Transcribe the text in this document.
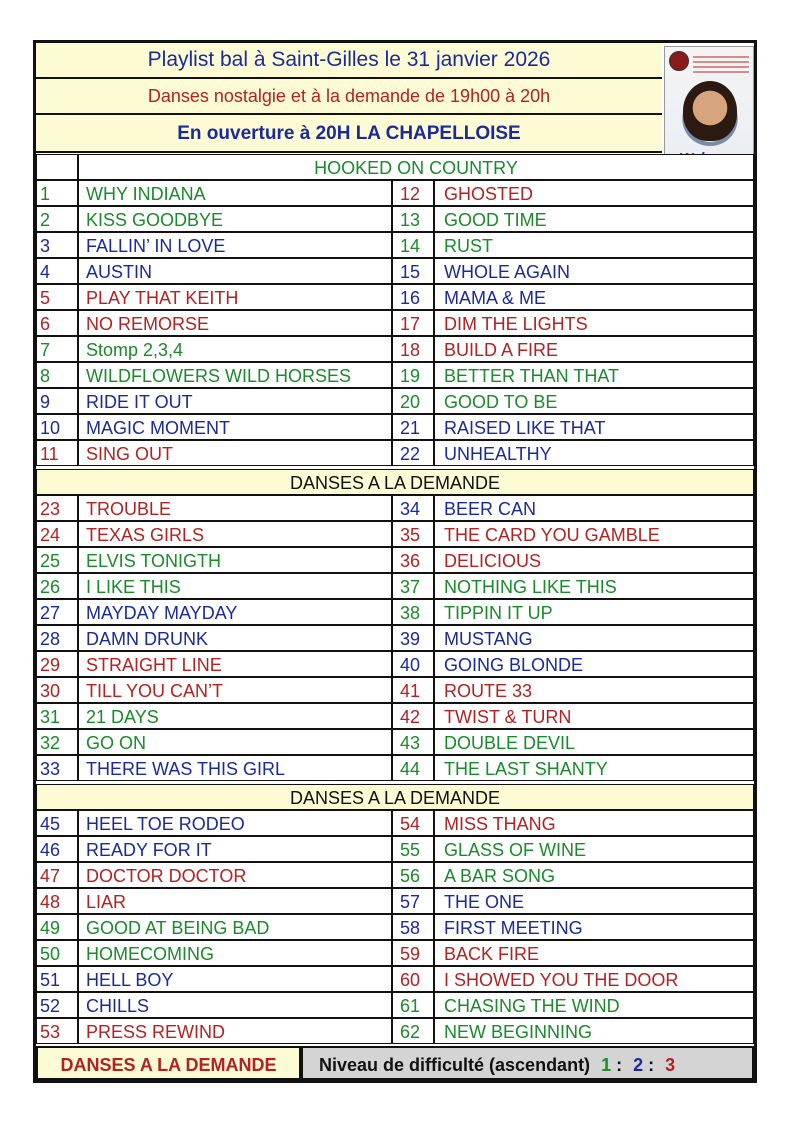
Playlist bal à Saint-Gilles le 31 janvier 2026
Danses nostalgie et à la demande de 19h00 à 20h
En ouverture à 20H LA CHAPELLOISE
HOOKED ON COUNTRY
1	WHY INDIANA	12	GHOSTED
2	KISS GOODBYE	13	GOOD TIME
3	FALLIN’ IN LOVE	14	RUST
4	AUSTIN	15	WHOLE AGAIN
5	PLAY THAT KEITH	16	MAMA & ME
6	NO REMORSE	17	DIM THE LIGHTS
7	Stomp 2,3,4	18	BUILD A FIRE
8	WILDFLOWERS WILD HORSES	19	BETTER THAN THAT
9	RIDE IT OUT	20	GOOD TO BE
10	MAGIC MOMENT	21	RAISED LIKE THAT
11	SING OUT	22	UNHEALTHY
DANSES A LA DEMANDE
23	TROUBLE	34	BEER CAN
24	TEXAS GIRLS	35	THE CARD YOU GAMBLE
25	ELVIS TONIGTH	36	DELICIOUS
26	I LIKE THIS	37	NOTHING LIKE THIS
27	MAYDAY MAYDAY	38	TIPPIN IT UP
28	DAMN DRUNK	39	MUSTANG
29	STRAIGHT LINE	40	GOING BLONDE
30	TILL YOU CAN’T	41	ROUTE 33
31	21 DAYS	42	TWIST & TURN
32	GO ON	43	DOUBLE DEVIL
33	THERE WAS THIS GIRL	44	THE LAST SHANTY
DANSES A LA DEMANDE
45	HEEL TOE RODEO	54	MISS THANG
46	READY FOR IT	55	GLASS OF WINE
47	DOCTOR DOCTOR	56	A BAR SONG
48	LIAR	57	THE ONE
49	GOOD AT BEING BAD	58	FIRST MEETING
50	HOMECOMING	59	BACK FIRE
51	HELL BOY	60	I SHOWED YOU THE DOOR
52	CHILLS	61	CHASING THE WIND
53	PRESS REWIND	62	NEW BEGINNING
DANSES A LA DEMANDE	Niveau de difficulté (ascendant) 1 : 2 : 3
